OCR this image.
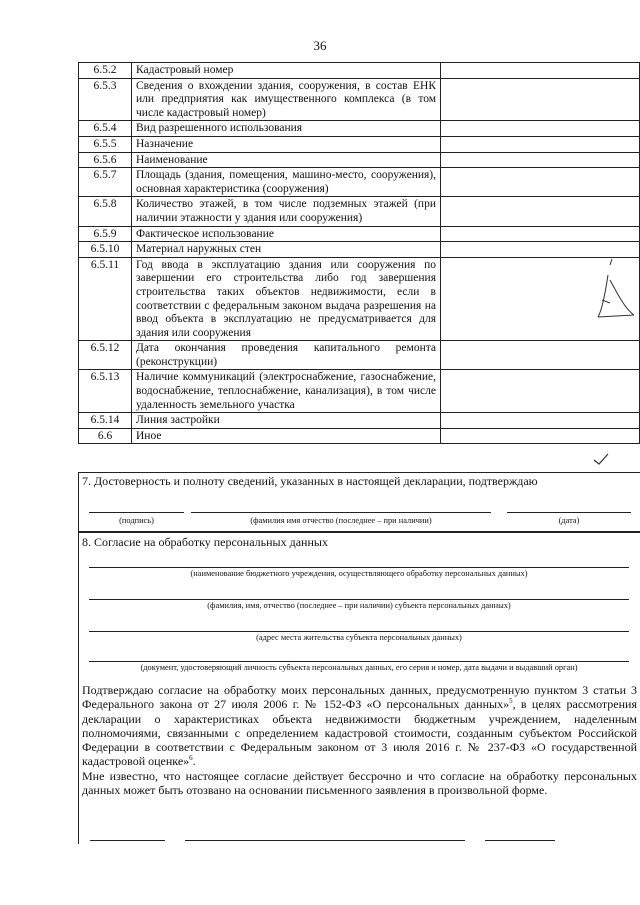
36
6.5.2	Кадастровый номер	
6.5.3	Сведения о вхождении здания, сооружения, в состав ЕНК или предприятия как имущественного комплекса (в том числе кадастровый номер)	
6.5.4	Вид разрешенного использования	
6.5.5	Назначение	
6.5.6	Наименование	
6.5.7	Площадь (здания, помещения, машино-место, сооружения), основная характеристика (сооружения)	
6.5.8	Количество этажей, в том числе подземных этажей (при наличии этажности у здания или сооружения)	
6.5.9	Фактическое использование	
6.5.10	Материал наружных стен	
6.5.11	Год ввода в эксплуатацию здания или сооружения по завершении его строительства либо год завершения строительства таких объектов недвижимости, если в соответствии с федеральным законом выдача разрешения на ввод объекта в эксплуатацию не предусматривается для здания или сооружения	
6.5.12	Дата окончания проведения капитального ремонта (реконструкции)	
6.5.13	Наличие коммуникаций (электроснабжение, газоснабжение, водоснабжение, теплоснабжение, канализация), в том числе удаленность земельного участка	
6.5.14	Линия застройки	
6.6	Иное	
7. Достоверность и полноту сведений, указанных в настоящей декларации, подтверждаю
(подпись)	(фамилия имя отчество (последнее – при наличии)	(дата)
8. Согласие на обработку персональных данных
(наименование бюджетного учреждения, осуществляющего обработку персональных данных)
(фамилия, имя, отчество (последнее – при наличии) субъекта персональных данных)
(адрес места жительства субъекта персональных данных)
(документ, удостоверяющий личность субъекта персональных данных, его серия и номер, дата выдачи и выдавший орган)

Подтверждаю согласие на обработку моих персональных данных, предусмотренную пунктом 3 статьи 3 Федерального закона от 27 июля 2006 г. № 152-ФЗ «О персональных данных»$^5$, в целях рассмотрения декларации о характеристиках объекта недвижимости бюджетным учреждением, наделенным полномочиями, связанными с определением кадастровой стоимости, созданным субъектом Российской Федерации в соответствии с Федеральным законом от 3 июля 2016 г. № 237-ФЗ «О государственной кадастровой оценке»$^6$.

Мне известно, что настоящее согласие действует бессрочно и что согласие на обработку персональных данных может быть отозвано на основании письменного заявления в произвольной форме.
